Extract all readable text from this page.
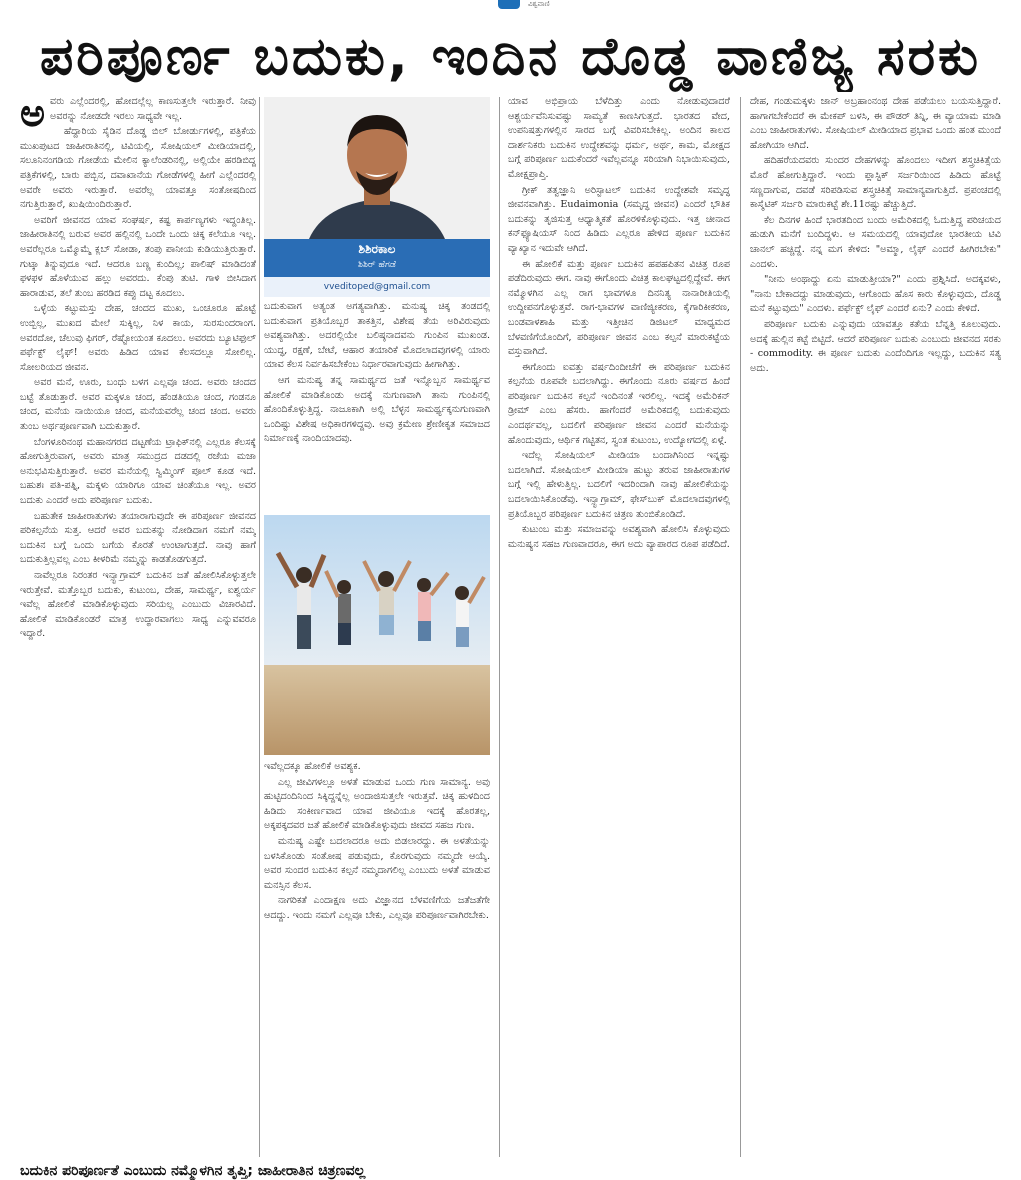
ವಿಶ್ವವಾಣಿ
ಪರಿಪೂರ್ಣ ಬದುಕು, ಇಂದಿನ ದೊಡ್ಡ ವಾಣಿಜ್ಯ ಸರಕು
ಅ ವರು ಎಲ್ಲೆಂದರಲ್ಲಿ, ಹೋದಲ್ಲೆಲ್ಲ ಕಾಣಸುತ್ತಲೇ ಇರುತ್ತಾರೆ. ನೀವು ಅವರನ್ನು ನೋಡದೇ ಇರಲು ಸಾಧ್ಯವೇ ಇಲ್ಲ.

ಹೆದ್ದಾರಿಯ ಸೈಡಿನ ದೊಡ್ಡ ಬಿಲ್ ಬೋರ್ಡುಗಳಲ್ಲಿ, ಪತ್ರಿಕೆಯ ಮುಖಪುಟದ ಜಾಹೀರಾತಿನಲ್ಲಿ, ಟಿವಿಯಲ್ಲಿ, ಸೋಷಿಯಲ್ ಮೀಡಿಯಾದಲ್ಲಿ, ಸಲೂನಿನಂಗಡಿಯ ಗೋಡೆಯ ಮೇಲಿನ ಕ್ಯಾಲೆಂಡರಿನಲ್ಲಿ, ಅಲ್ಲಿಯೇ ಹರಡಿಬಿದ್ದ ಪತ್ರಿಕೆಗಳಲ್ಲಿ, ಬಾರು ಪಬ್ಬಿನ, ದವಾಖಾನೆಯ ಗೋಡೆಗಳಲ್ಲಿ ಹೀಗೆ ಎಲ್ಲೆಂದರಲ್ಲಿ ಅವರೇ ಅವರು ಇರುತ್ತಾರೆ. ಅವರೆಲ್ಲ ಯಾವತ್ತೂ ಸಂತೋಷದಿಂದ ನಗುತ್ತಿರುತ್ತಾರೆ, ಖುಷಿಯಿಂದಿರುತ್ತಾರೆ.

ಅವರಿಗೆ ಜೀವನದ ಯಾವ ಸಂಘರ್ಷ, ಕಷ್ಟ ಕಾರ್ಪಣ್ಯಗಳು ಇದ್ದಂತಿಲ್ಲ. ಜಾಹೀರಾತಿನಲ್ಲಿ ಬರುವ ಅವರ ಹಲ್ಲಿನಲ್ಲಿ ಒಂದೇ ಒಂದು ಚಿಕ್ಕ ಕಲೆಯೂ ಇಲ್ಲ. ಅವರೆಲ್ಲರೂ ಒಮ್ಮೊಮ್ಮೆ ಕ್ಲಬ್ ಸೋಡಾ, ತಂಪು ಪಾನೀಯ ಕುಡಿಯುತ್ತಿರುತ್ತಾರೆ. ಗುಟ್ಕಾ ತಿನ್ನುವುದೂ ಇದೆ. ಆದರೂ ಬಣ್ಣ ಕುಂದಿಲ್ಲ; ಪಾಲಿಷ್ ಮಾಡಿದಂತೆ ಫಳಫಳ ಹೊಳೆಯುವ ಹಲ್ಲು ಅವರದು. ಕೆಂಪು ತುಟಿ. ಗಾಳಿ ಬೀಸಿದಾಗ ಹಾರಾಡುವ, ತಲೆ ತುಂಬ ಹರಡಿದ ಕಪ್ಪು ದಟ್ಟ ಕೂದಲು.

ಒಳ್ಳೆಯ ಕಟ್ಟುಮಸ್ತು ದೇಹ, ಚಂದದ ಮುಖ, ಒಂಚೂರೂ ಹೊಟ್ಟೆ ಉಬ್ಬಿಲ್ಲ, ಮುಖದ ಮೇಲೆ ಸುಕ್ಕಿಲ್ಲ, ನಿಳ ಕಾಯ, ಸುರಸುಂದರಾಂಗ. ಅವರದೋ, ಚೆಲುವು ಫಿಗರ್, ರೆಷ್ಟೋಯಂತ ಕೂದಲು. ಅವರದು ಬ್ಯೂಟಿಫುಲ್ ಪರ್ಫೆಕ್ಟ್ ಲೈಫ್! ಅವರು ಹಿಡಿದ ಯಾವ ಕೆಲಸದಲ್ಲೂ ಸೋಲಿಲ್ಲ. ಸೋಲರಿಯದ ಜೀವನ.

ಅವರ ಮನೆ, ಊರು, ಬಂಧು ಬಳಗ ಎಲ್ಲವೂ ಚಂದ. ಅವರು ಚಂದದ ಬಟ್ಟೆ ತೊಡುತ್ತಾರೆ. ಅವರ ಮಕ್ಕಳೂ ಚಂದ, ಹೆಂಡತಿಯೂ ಚಂದ, ಗಂಡನೂ ಚಂದ, ಮನೆಯ ನಾಯಿಯೂ ಚಂದ, ಮನೆಯವರೆಲ್ಲ ಚಂದ ಚಂದ. ಅವರು ತುಂಬ ಅರ್ಥಪೂರ್ಣವಾಗಿ ಬದುಕುತ್ತಾರೆ.

ಬೆಂಗಳೂರಿನಂಥ ಮಹಾನಗರದ ದಟ್ಟಣೆಯ ಟ್ರಾಫಿಕ್‌ನಲ್ಲಿ ಎಲ್ಲರೂ ಕೆಲಸಕ್ಕೆ ಹೋಗುತ್ತಿರುವಾಗ, ಅವರು ಮಾತ್ರ ಸಮುದ್ರದ ದಡದಲ್ಲಿ ರಜೆಯ ಮಜಾ ಅನುಭವಿಸುತ್ತಿರುತ್ತಾರೆ. ಅವರ ಮನೆಯಲ್ಲಿ ಸ್ವಿಮ್ಮಿಂಗ್ ಪೂಲ್ ಕೂಡ ಇದೆ. ಬಹುಶಃ ಪತಿ-ಪತ್ನಿ, ಮಕ್ಕಳು ಯಾರಿಗೂ ಯಾವ ಚಿಂತೆಯೂ ಇಲ್ಲ. ಅವರ ಬದುಕು ಎಂದರೆ ಅದು ಪರಿಪೂರ್ಣ ಬದುಕು.

ಬಹುತೇಕ ಜಾಹೀರಾತುಗಳು ತಯಾರಾಗುವುದೇ ಈ ಪರಿಪೂರ್ಣ ಜೀವನದ ಪರಿಕಲ್ಪನೆಯ ಸುತ್ತ. ಆದರೆ ಅವರ ಬದುಕನ್ನು ನೋಡಿದಾಗ ನಮಗೆ ನಮ್ಮ ಬದುಕಿನ ಬಗ್ಗೆ ಒಂದು ಬಗೆಯ ಕೊರತೆ ಉಂಟಾಗುತ್ತದೆ. ನಾವು ಹಾಗೆ ಬದುಕುತ್ತಿಲ್ಲವಲ್ಲ ಎಂಬ ಕೀಳರಿಮೆ ನಮ್ಮನ್ನು ಕಾಡತೊಡಗುತ್ತದೆ.

ನಾವೆಲ್ಲರೂ ನಿರಂತರ ಇನ್ಸ್ಟಾಗ್ರಾಮ್ ಬದುಕಿನ ಜತೆ ಹೋಲಿಸಿಕೊಳ್ಳುತ್ತಲೇ ಇರುತ್ತೇವೆ. ಮತ್ತೊಬ್ಬರ ಬದುಕು, ಕುಟುಂಬ, ದೇಹ, ಸಾಮರ್ಥ್ಯ, ಐಶ್ವರ್ಯ ಇವೆಲ್ಲ ಹೋಲಿಕೆ ಮಾಡಿಕೊಳ್ಳುವುದು ಸರಿಯಲ್ಲ ಎಂಬುದು ವಿಚಾರವಿದೆ. ಹೋಲಿಕೆ ಮಾಡಿಕೊಂಡರೆ ಮಾತ್ರ ಉದ್ಧಾರವಾಗಲು ಸಾಧ್ಯ ಎನ್ನುವವರೂ ಇದ್ದಾರೆ.

ಶಿಶಿರಕಾಲ
ಶಿಶಿರ್ ಹೆಗಡೆ
vveditoped@gmail.com

ಬದುಕುವಾಗ ಅತ್ಯಂತ ಅಗತ್ಯವಾಗಿತ್ತು. ಮನುಷ್ಯ ಚಿಕ್ಕ ತಂಡದಲ್ಲಿ ಬದುಕುವಾಗ ಪ್ರತಿಯೊಬ್ಬರ ತಾಕತ್ತಿನ, ವಿಶೇಷ ತೆಯ ಅರಿವಿರುವುದು ಅವಶ್ಯವಾಗಿತ್ತು. ಅದರಲ್ಲಿಯೇ ಬಲಿಷ್ಠನಾದವನು ಗುಂಪಿನ ಮುಖಂಡ. ಯುದ್ಧ, ರಕ್ಷಣೆ, ಬೇಟೆ, ಆಹಾರ ತಯಾರಿಕೆ ಮೊದಲಾದವುಗಳಲ್ಲಿ ಯಾರು ಯಾವ ಕೆಲಸ ನಿರ್ವಹಿಸಬೇಕೆಂಬ ನಿರ್ಧಾರವಾಗುವುದು ಹೀಗಾಗಿತ್ತು.

ಆಗ ಮನುಷ್ಯ ತನ್ನ ಸಾಮರ್ಥ್ಯದ ಜತೆ ಇನ್ನೊಬ್ಬನ ಸಾಮರ್ಥ್ಯವ ಹೋಲಿಕೆ ಮಾಡಿಕೊಂಡು ಅದಕ್ಕೆ ನುಗುಣವಾಗಿ ತಾನು ಗುಂಪಿನಲ್ಲಿ ಹೊಂದಿಕೊಳ್ಳುತ್ತಿದ್ದ. ನಾಜೂಕಾಗಿ ಅಲ್ಲಿ ಬೆಳ್ಳನ ಸಾಮರ್ಥ್ಯಕ್ಕನುಗುಣವಾಗಿ ಒಂದಿಷ್ಟು ವಿಶೇಷ ಅಧಿಕಾರಗಳಿದ್ದವು. ಅವು ಕ್ರಮೇಣ ಶ್ರೇಣೀಕೃತ ಸಮಾಜದ ನಿರ್ಮಾಣಕ್ಕೆ ನಾಂದಿಯಾದವು.

ಇವೆಲ್ಲದಕ್ಕೂ ಹೋಲಿಕೆ ಅವಶ್ಯಕ.

ಎಲ್ಲ ಜೀವಿಗಳಲ್ಲೂ ಅಳತೆ ಮಾಡುವ ಒಂದು ಗುಣ ಸಾಮಾನ್ಯ. ಅವು ಹುಟ್ಟಿದಂದಿನಿಂದ ಸಿಕ್ಕಿದ್ದನ್ನೆಲ್ಲ ಅಂದಾಜಿಸುತ್ತಲೇ ಇರುತ್ತವೆ. ಚಿಕ್ಕ ಹುಳದಿಂದ ಹಿಡಿದು ಸಂಕೀರ್ಣವಾದ ಯಾವ ಜೀವಿಯೂ ಇದಕ್ಕೆ ಹೊರತಲ್ಲ, ಅಕ್ಕಪಕ್ಕದವರ ಜತೆ ಹೋಲಿಕೆ ಮಾಡಿಕೊಳ್ಳುವುದು ಜೀವದ ಸಹಜ ಗುಣ.

ಮನುಷ್ಯ ಎಷ್ಟೇ ಬದಲಾದರೂ ಅದು ಬಿಡಲಾರದ್ದು. ಈ ಅಳತೆಯನ್ನು ಬಳಸಿಕೊಂಡು ಸಂತೋಷ ಪಡುವುದು, ಕೊರಗುವುದು ನಮ್ಮದೇ ಆಯ್ಕೆ. ಅವರ ಸುಂದರ ಬದುಕಿನ ಕಲ್ಪನೆ ನಮ್ಮದಾಗಲಿಲ್ಲ ಎಂಬುದು ಅಳತೆ ಮಾಡುವ ಮನಸ್ಸಿನ ಕೆಲಸ.

ನಾಗರಿಕತೆ ಎಂದಾಕ್ಷಣ ಅದು ವಿಜ್ಞಾನದ ಬೆಳವಣಿಗೆಯ ಜತೆಜತೆಗೇ ಆದದ್ದು. ಇಂದು ನಮಗೆ ಎಲ್ಲವೂ ಬೇಕು, ಎಲ್ಲವೂ ಪರಿಪೂರ್ಣವಾಗಿರಬೇಕು.

ಯಾವ ಅಭಿಪ್ರಾಯ ಬೆಳೆದಿತ್ತು ಎಂದು ನೋಡುವುದಾದರೆ ಆಶ್ಚರ್ಯವೆನಿಸುವಷ್ಟು ಸಾಮ್ಯತೆ ಕಾಣಸಿಗುತ್ತದೆ. ಭಾರತದ ವೇದ, ಉಪನಿಷತ್ತುಗಳಲ್ಲಿನ ಸಾರದ ಬಗ್ಗೆ ವಿವರಿಸಬೇಕಿಲ್ಲ. ಅಂದಿನ ಕಾಲದ ದಾರ್ಶನಿಕರು ಬದುಕಿನ ಉದ್ದೇಶವನ್ನು ಧರ್ಮ, ಅರ್ಥ, ಕಾಮ, ಮೋಕ್ಷದ ಬಗ್ಗೆ ಪರಿಪೂರ್ಣ ಬದುಕೆಂದರೆ ಇವೆಲ್ಲವನ್ನೂ ಸರಿಯಾಗಿ ನಿಭಾಯಿಸುವುದು, ಮೋಕ್ಷಪ್ರಾಪ್ತಿ.

ಗ್ರೀಕ್ ತತ್ವಜ್ಞಾನಿ ಅರಿಸ್ಟಾಟಲ್ ಬದುಕಿನ ಉದ್ದೇಶವೇ ಸಮೃದ್ಧ ಜೀವನವಾಗಿತ್ತು. Eudaimonia (ಸಮೃದ್ಧ ಜೀವನ) ಎಂದರೆ ಭೌತಿಕ ಬದುಕನ್ನು ತೃಜಿಸುತ್ತ ಆಧ್ಯಾತ್ಮಿಕತೆ ಹೊರಳಿಕೊಳ್ಳುವುದು. ಇತ್ತ ಚೀನಾದ ಕನ್‌ಫ್ಯೂಷಿಯಸ್ ನಿಂದ ಹಿಡಿದು ಎಲ್ಲರೂ ಹೇಳಿದ ಪೂರ್ಣ ಬದುಕಿನ ವ್ಯಾಖ್ಯಾನ ಇದುವೇ ಆಗಿದೆ.

ಈ ಹೋಲಿಕೆ ಮತ್ತು ಪೂರ್ಣ ಬದುಕಿನ ಹಪಹಪಿತನ ವಿಚಿತ್ರ ರೂಪ ಪಡೆದಿರುವುದು ಈಗ. ನಾವು ಈಗೊಂದು ವಿಚಿತ್ರ ಕಾಲಘಟ್ಟದಲ್ಲಿದ್ದೇವೆ. ಈಗ ನಮ್ಮೊಳಗಿನ ಎಲ್ಲ ರಾಗ ಭಾವಗಳೂ ದಿನನಿತ್ಯ ನಾನಾರೀತಿಯಲ್ಲಿ ಉದ್ದೀಪನಗೊಳ್ಳುತ್ತವೆ. ರಾಗ-ಭಾವಗಳ ವಾಣಿಜ್ಯೀಕರಣ, ಕೈಗಾರಿಕೀಕರಣ, ಬಂಡವಾಳಶಾಹಿ ಮತ್ತು ಇತ್ತೀಚಿನ ಡಿಜಿಟಲ್ ಮಾಧ್ಯಮದ ಬೆಳವಣಿಗೆಯೊಂದಿಗೆ, ಪರಿಪೂರ್ಣ ಜೀವನ ಎಂಬ ಕಲ್ಪನೆ ಮಾರುಕಟ್ಟೆಯ ವಸ್ತುವಾಗಿದೆ.

ಈಗೊಂದು ಐವತ್ತು ವರ್ಷದಿಂದೀಚೆಗೆ ಈ ಪರಿಪೂರ್ಣ ಬದುಕಿನ ಕಲ್ಪನೆಯ ರೂಪವೇ ಬದಲಾಗಿದ್ದು. ಈಗೊಂದು ನೂರು ವರ್ಷದ ಹಿಂದೆ ಪರಿಪೂರ್ಣ ಬದುಕಿನ ಕಲ್ಪನೆ ಇಂದಿನಂತೆ ಇರಲಿಲ್ಲ. ಇದಕ್ಕೆ ಅಮೆರಿಕನ್ ಡ್ರೀಮ್ ಎಂಬ ಹೆಸರು. ಹಾಗೆಂದರೆ ಅಮೆರಿಕದಲ್ಲಿ ಬದುಕುವುದು ಎಂದರ್ಥವಲ್ಲ, ಬದಲಿಗೆ ಪರಿಪೂರ್ಣ ಜೀವನ ಎಂದರೆ ಮನೆಯನ್ನು ಹೊಂದುವುದು, ಆರ್ಥಿಕ ಗಟ್ಟಿತನ, ಸ್ವಂತ ಕುಟುಂಬ, ಉದ್ಯೋಗದಲ್ಲಿ ಏಳ್ಗೆ.

ಇದೆಲ್ಲ ಸೋಷಿಯಲ್ ಮೀಡಿಯಾ ಬಂದಾಗಿನಿಂದ ಇನ್ನಷ್ಟು ಬದಲಾಗಿದೆ. ಸೋಷಿಯಲ್ ಮೀಡಿಯಾ ಹುಟ್ಟು ತರುವ ಜಾಹೀರಾತುಗಳ ಬಗ್ಗೆ ಇಲ್ಲಿ ಹೇಳುತ್ತಿಲ್ಲ. ಬದಲಿಗೆ ಇದರಿಂದಾಗಿ ನಾವು ಹೋಲಿಕೆಯನ್ನು ಬದಲಾಯಿಸಿಕೊಂಡೆವು. ಇನ್ಸ್ಟಾಗ್ರಾಮ್, ಫೇಸ್‌ಬುಕ್ ಮೊದಲಾದವುಗಳಲ್ಲಿ ಪ್ರತಿಯೊಬ್ಬರ ಪರಿಪೂರ್ಣ ಬದುಕಿನ ಚಿತ್ರಣ ತುಂಬಿಕೊಂಡಿದೆ.

ಕುಟುಂಬ ಮತ್ತು ಸಮಾಜವನ್ನು ಅವಶ್ಯವಾಗಿ ಹೋಲಿಸಿ ಕೊಳ್ಳುವುದು ಮನುಷ್ಯನ ಸಹಜ ಗುಣವಾದರೂ, ಈಗ ಅದು ವ್ಯಾಪಾರದ ರೂಪ ಪಡೆದಿದೆ.

ದೇಹ, ಗಂಡುಮಕ್ಕಳು ಜಾನ್ ಅಬ್ರಹಾಂನಂಥ ದೇಹ ಪಡೆಯಲು ಬಯಸುತ್ತಿದ್ದಾರೆ. ಹಾಗಾಗಬೇಕೆಂದರೆ ಈ ಮೇಕಪ್ ಬಳಸಿ, ಈ ಪೌಡರ್ ತಿನ್ನಿ, ಈ ವ್ಯಾಯಾಮ ಮಾಡಿ ಎಂಬ ಜಾಹೀರಾತುಗಳು. ಸೋಷಿಯಲ್ ಮೀಡಿಯಾದ ಪ್ರಭಾವ ಒಂದು ಹಂತ ಮುಂದೆ ಹೋಗಿಯಾ ಆಗಿದೆ.

ಹದಿಹರೆಯದವರು ಸುಂದರ ದೇಹಗಳನ್ನು ಹೊಂದಲು ಇದೀಗ ಶಸ್ತ್ರಚಿಕಿತ್ಸೆಯ ಮೊರೆ ಹೋಗುತ್ತಿದ್ದಾರೆ. ಇಂದು ಪ್ಲಾಸ್ಟಿಕ್ ಸರ್ಜರಿಯಿಂದ ಹಿಡಿದು ಹೊಟ್ಟೆ ಸಣ್ಣದಾಗುವ, ದವಡೆ ಸರಿಪಡಿಸುವ ಶಸ್ತ್ರಚಿಕಿತ್ಸೆ ಸಾಮಾನ್ಯವಾಗುತ್ತಿದೆ. ಪ್ರಪಂಚದಲ್ಲಿ ಕಾಸ್ಮೆಟಿಕ್ ಸರ್ಜರಿ ಮಾರುಕಟ್ಟೆ ಶೇ.11ರಷ್ಟು ಹೆಚ್ಚುತ್ತಿದೆ.

ಕೆಲ ದಿನಗಳ ಹಿಂದೆ ಭಾರತದಿಂದ ಬಂದು ಅಮೆರಿಕದಲ್ಲಿ ಓದುತ್ತಿದ್ದ ಪರಿಚಯದ ಹುಡುಗಿ ಮನೆಗೆ ಬಂದಿದ್ದಳು. ಆ ಸಮಯದಲ್ಲಿ ಯಾವುದೋ ಭಾರತೀಯ ಟಿವಿ ಚಾನಲ್ ಹಚ್ಚಿದ್ದೆ. ನನ್ನ ಮಗ ಕೇಳಿದ: "ಅಮ್ಮಾ, ಲೈಫ್ ಎಂದರೆ ಹೀಗಿರಬೇಕು" ಎಂದಳು.

"ನೀನು ಅಂಥಾದ್ದು ಏನು ಮಾಡುತ್ತೀಯಾ?" ಎಂದು ಪ್ರಶ್ನಿಸಿದೆ. ಅದಕ್ಕವಳು, "ನಾನು ಬೇಕಾದದ್ದು ಮಾಡುವುದು, ಆಗೊಂದು ಹೊಸ ಕಾರು ಕೊಳ್ಳುವುದು, ದೊಡ್ಡ ಮನೆ ಕಟ್ಟುವುದು" ಎಂದಳು. ಪರ್ಫೆಕ್ಟ್ ಲೈಫ್ ಎಂದರೆ ಏನು? ಎಂದು ಕೇಳಿದೆ.

ಪರಿಪೂರ್ಣ ಬದುಕು ಎನ್ನುವುದು ಯಾವತ್ತೂ ಕತೆಯ ಬೆನ್ನತ್ತಿ ಕೂಲುವುದು. ಅದಕ್ಕೆ ಹುಲ್ಲಿನ ಕಟ್ಟೆ ಬಿಟ್ಟಿದೆ. ಆದರೆ ಪರಿಪೂರ್ಣ ಬದುಕು ಎಂಬುದು ಜೀವನದ ಸರಕು - commodity. ಈ ಪೂರ್ಣ ಬದುಕು ಎಂದೆಂದಿಗೂ ಇಲ್ಲದ್ದು, ಬದುಕಿನ ಸತ್ಯ ಅದು.

ಬದುಕಿನ ಪರಿಪೂರ್ಣತೆ ಎಂಬುದು ನಮ್ಮೊಳಗಿನ ತೃಪ್ತಿ; ಜಾಹೀರಾತಿನ ಚಿತ್ರಣವಲ್ಲ
